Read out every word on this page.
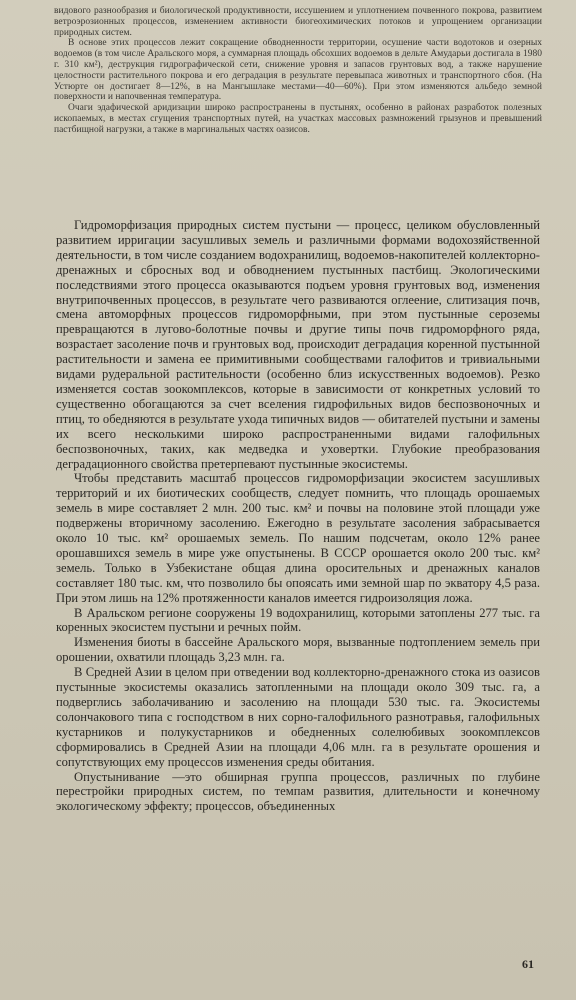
видового разнообразия и биологической продуктивности, иссушением и уплотнением почвенного покрова, развитием ветроэрозионных процессов, изменением активности биогеохимических потоков и упрощением организации природных систем.

В основе этих процессов лежит сокращение обводненности территории, осушение части водотоков и озерных водоемов (в том числе Аральского моря, а суммарная площадь обсохших водоемов в дельте Амударьи достигала в 1980 г. 310 км²), деструкция гидрографической сети, снижение уровня и запасов грунтовых вод, а также нарушение целостности растительного покрова и его деградация в результате перевыпаса животных и транспортного сбоя. (На Устюрте он достигает 8—12%, в на Мангышлаке местами—40—60%). При этом изменяются альбедо земной поверхности и напочвенная температура.

Очаги эдафической аридизации широко распространены в пустынях, особенно в районах разработок полезных ископаемых, в местах сгущения транспортных путей, на участках массовых размножений грызунов и превышений пастбищной нагрузки, а также в маргинальных частях оазисов.

Гидроморфизация природных систем пустыни — процесс, целиком обусловленный развитием ирригации засушливых земель и различными формами водохозяйственной деятельности, в том числе созданием водохранилищ, водоемов-накопителей коллекторно-дренажных и сбросных вод и обводнением пустынных пастбищ. Экологическими последствиями этого процесса оказываются подъем уровня грунтовых вод, изменения внутрипочвенных процессов, в результате чего развиваются оглеение, слитизация почв, смена автоморфных процессов гидроморфными, при этом пустынные сероземы превращаются в лугово-болотные почвы и другие типы почв гидроморфного ряда, возрастает засоление почв и грунтовых вод, происходит деградация коренной пустынной растительности и замена ее примитивными сообществами галофитов и тривиальными видами рудеральной растительности (особенно близ искусственных водоемов). Резко изменяется состав зоокомплексов, которые в зависимости от конкретных условий то существенно обогащаются за счет вселения гидрофильных видов беспозвоночных и птиц, то обедняются в результате ухода типичных видов — обитателей пустыни и замены их всего несколькими широко распространенными видами галофильных беспозвоночных, таких, как медведка и уховертки. Глубокие преобразования деградационного свойства претерпевают пустынные экосистемы.

Чтобы представить масштаб процессов гидроморфизации экосистем засушливых территорий и их биотических сообществ, следует помнить, что площадь орошаемых земель в мире составляет 2 млн. 200 тыс. км² и почвы на половине этой площади уже подвержены вторичному засолению. Ежегодно в результате засоления забрасывается около 10 тыс. км² орошаемых земель. По нашим подсчетам, около 12% ранее орошавшихся земель в мире уже опустынены. В СССР орошается около 200 тыс. км² земель. Только в Узбекистане общая длина оросительных и дренажных каналов составляет 180 тыс. км, что позволило бы опоясать ими земной шар по экватору 4,5 раза. При этом лишь на 12% протяженности каналов имеется гидроизоляция ложа.

В Аральском регионе сооружены 19 водохранилищ, которыми затоплены 277 тыс. га коренных экосистем пустыни и речных пойм.

Изменения биоты в бассейне Аральского моря, вызванные подтоплением земель при орошении, охватили площадь 3,23 млн. га.

В Средней Азии в целом при отведении вод коллекторно-дренажного стока из оазисов пустынные экосистемы оказались затопленными на площади около 309 тыс. га, а подверглись заболачиванию и засолению на площади 530 тыс. га. Экосистемы солончакового типа с господством в них сорно-галофильного разнотравья, галофильных кустарников и полукустарников и обедненных солелюбивых зоокомплексов сформировались в Средней Азии на площади 4,06 млн. га в результате орошения и сопутствующих ему процессов изменения среды обитания.

Опустынивание —это обширная группа процессов, различных по глубине перестройки природных систем, по темпам развития, длительности и конечному экологическому эффекту; процессов, объединенных

61
